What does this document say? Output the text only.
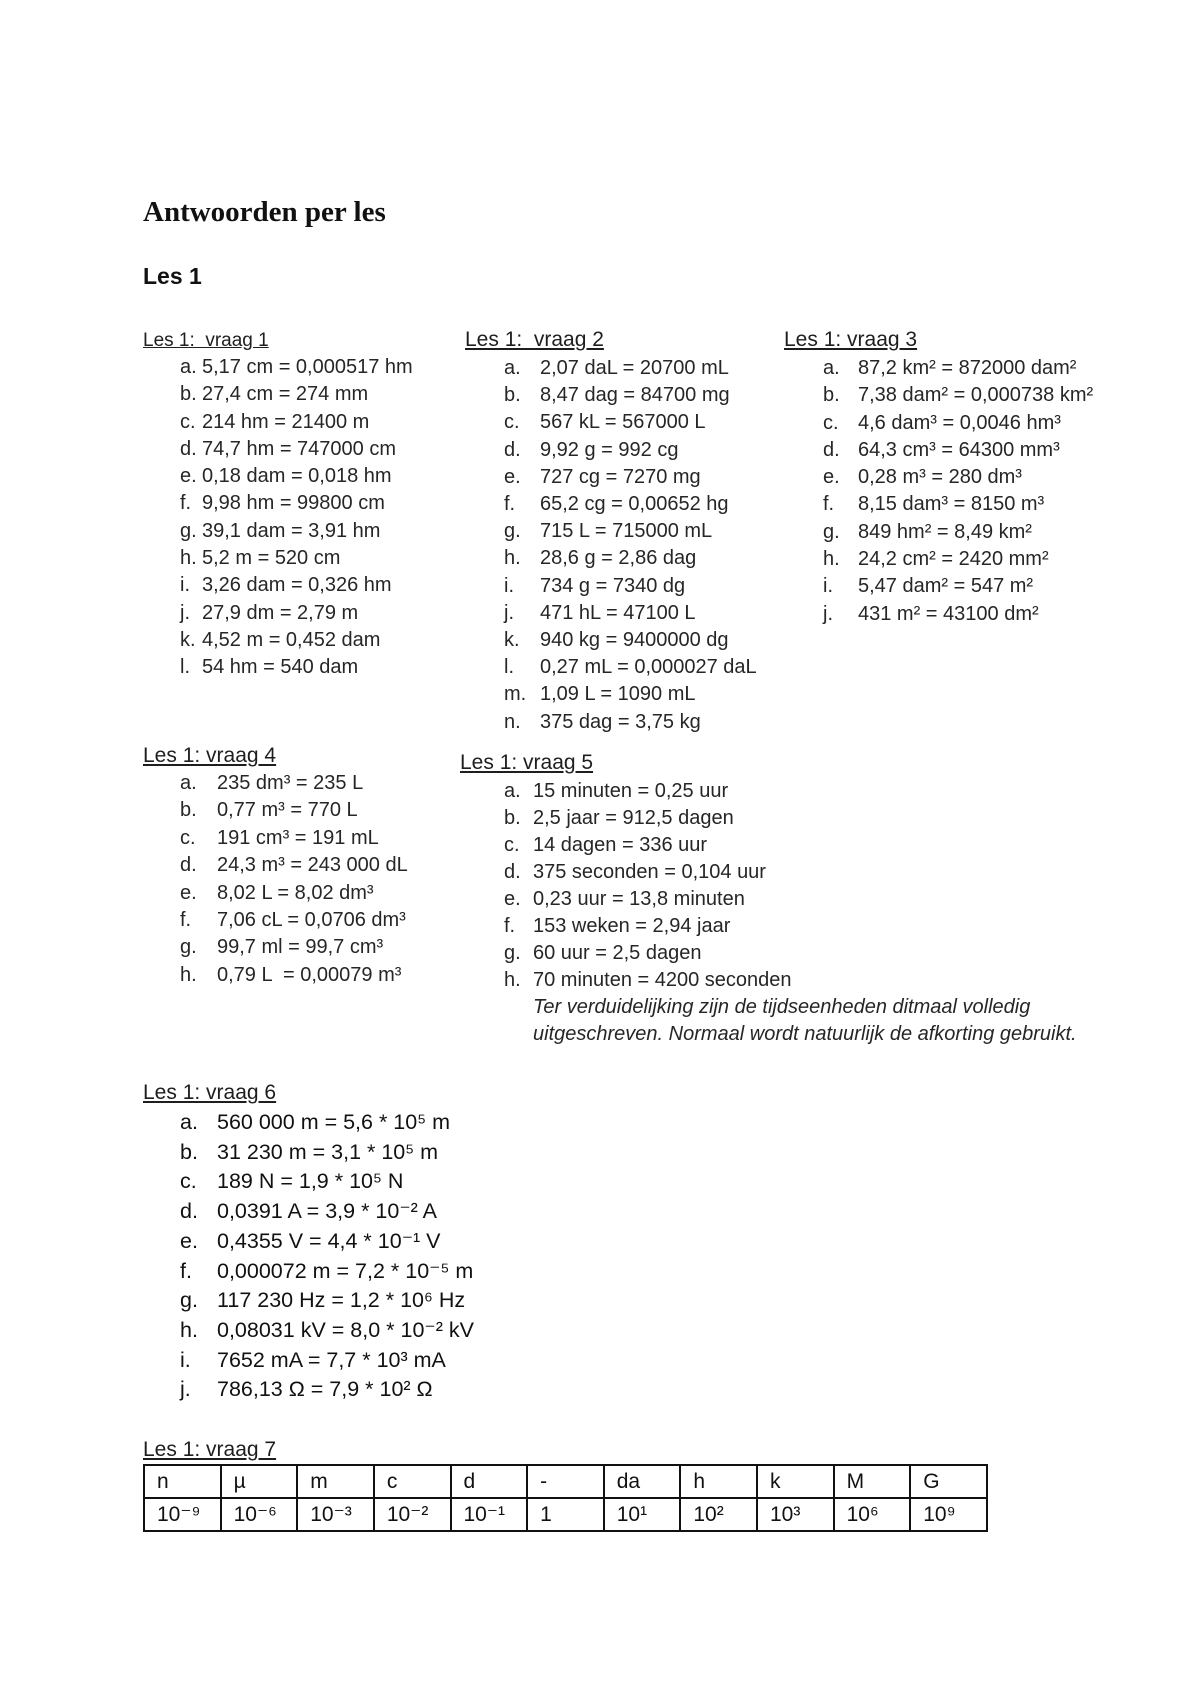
Antwoorden per les
Les 1
Les 1:  vraag 1
a. 5,17 cm = 0,000517 hm
b. 27,4 cm = 274 mm
c. 214 hm = 21400 m
d. 74,7 hm = 747000 cm
e. 0,18 dam = 0,018 hm
f. 9,98 hm = 99800 cm
g. 39,1 dam = 3,91 hm
h. 5,2 m = 520 cm
i. 3,26 dam = 0,326 hm
j. 27,9 dm = 2,79 m
k. 4,52 m = 0,452 dam
l. 54 hm = 540 dam
Les 1:  vraag 2
a. 2,07 daL = 20700 mL
b. 8,47 dag = 84700 mg
c. 567 kL = 567000 L
d. 9,92 g = 992 cg
e. 727 cg = 7270 mg
f. 65,2 cg = 0,00652 hg
g. 715 L = 715000 mL
h. 28,6 g = 2,86 dag
i. 734 g = 7340 dg
j. 471 hL = 47100 L
k. 940 kg = 9400000 dg
l. 0,27 mL = 0,000027 daL
m. 1,09 L = 1090 mL
n. 375 dag = 3,75 kg
Les 1: vraag 3
a. 87,2 km² = 872000 dam²
b. 7,38 dam² = 0,000738 km²
c. 4,6 dam³ = 0,0046 hm³
d. 64,3 cm³ = 64300 mm³
e. 0,28 m³ = 280 dm³
f. 8,15 dam³ = 8150 m³
g. 849 hm² = 8,49 km²
h. 24,2 cm² = 2420 mm²
i. 5,47 dam² = 547 m²
j. 431 m² = 43100 dm²
Les 1: vraag 4
a. 235 dm³ = 235 L
b. 0,77 m³ = 770 L
c. 191 cm³ = 191 mL
d. 24,3 m³ = 243 000 dL
e. 8,02 L = 8,02 dm³
f. 7,06 cL = 0,0706 dm³
g. 99,7 ml = 99,7 cm³
h. 0,79 L  = 0,00079 m³
Les 1: vraag 5
a. 15 minuten = 0,25 uur
b. 2,5 jaar = 912,5 dagen
c. 14 dagen = 336 uur
d. 375 seconden = 0,104 uur
e. 0,23 uur = 13,8 minuten
f. 153 weken = 2,94 jaar
g. 60 uur = 2,5 dagen
h. 70 minuten = 4200 seconden
Ter verduidelijking zijn de tijdseenheden ditmaal volledig
uitgeschreven. Normaal wordt natuurlijk de afkorting gebruikt.
Les 1: vraag 6
a. 560 000 m = 5,6 * 10⁵ m
b. 31 230 m = 3,1 * 10⁵ m
c. 189 N = 1,9 * 10⁵ N
d. 0,0391 A = 3,9 * 10⁻² A
e. 0,4355 V = 4,4 * 10⁻¹ V
f. 0,000072 m = 7,2 * 10⁻⁵ m
g. 117 230 Hz = 1,2 * 10⁶ Hz
h. 0,08031 kV = 8,0 * 10⁻² kV
i. 7652 mA = 7,7 * 10³ mA
j. 786,13 Ω = 7,9 * 10² Ω
Les 1: vraag 7
n	µ	m	c	d	-	da	h	k	M	G
10⁻⁹	10⁻⁶	10⁻³	10⁻²	10⁻¹	1	10¹	10²	10³	10⁶	10⁹
